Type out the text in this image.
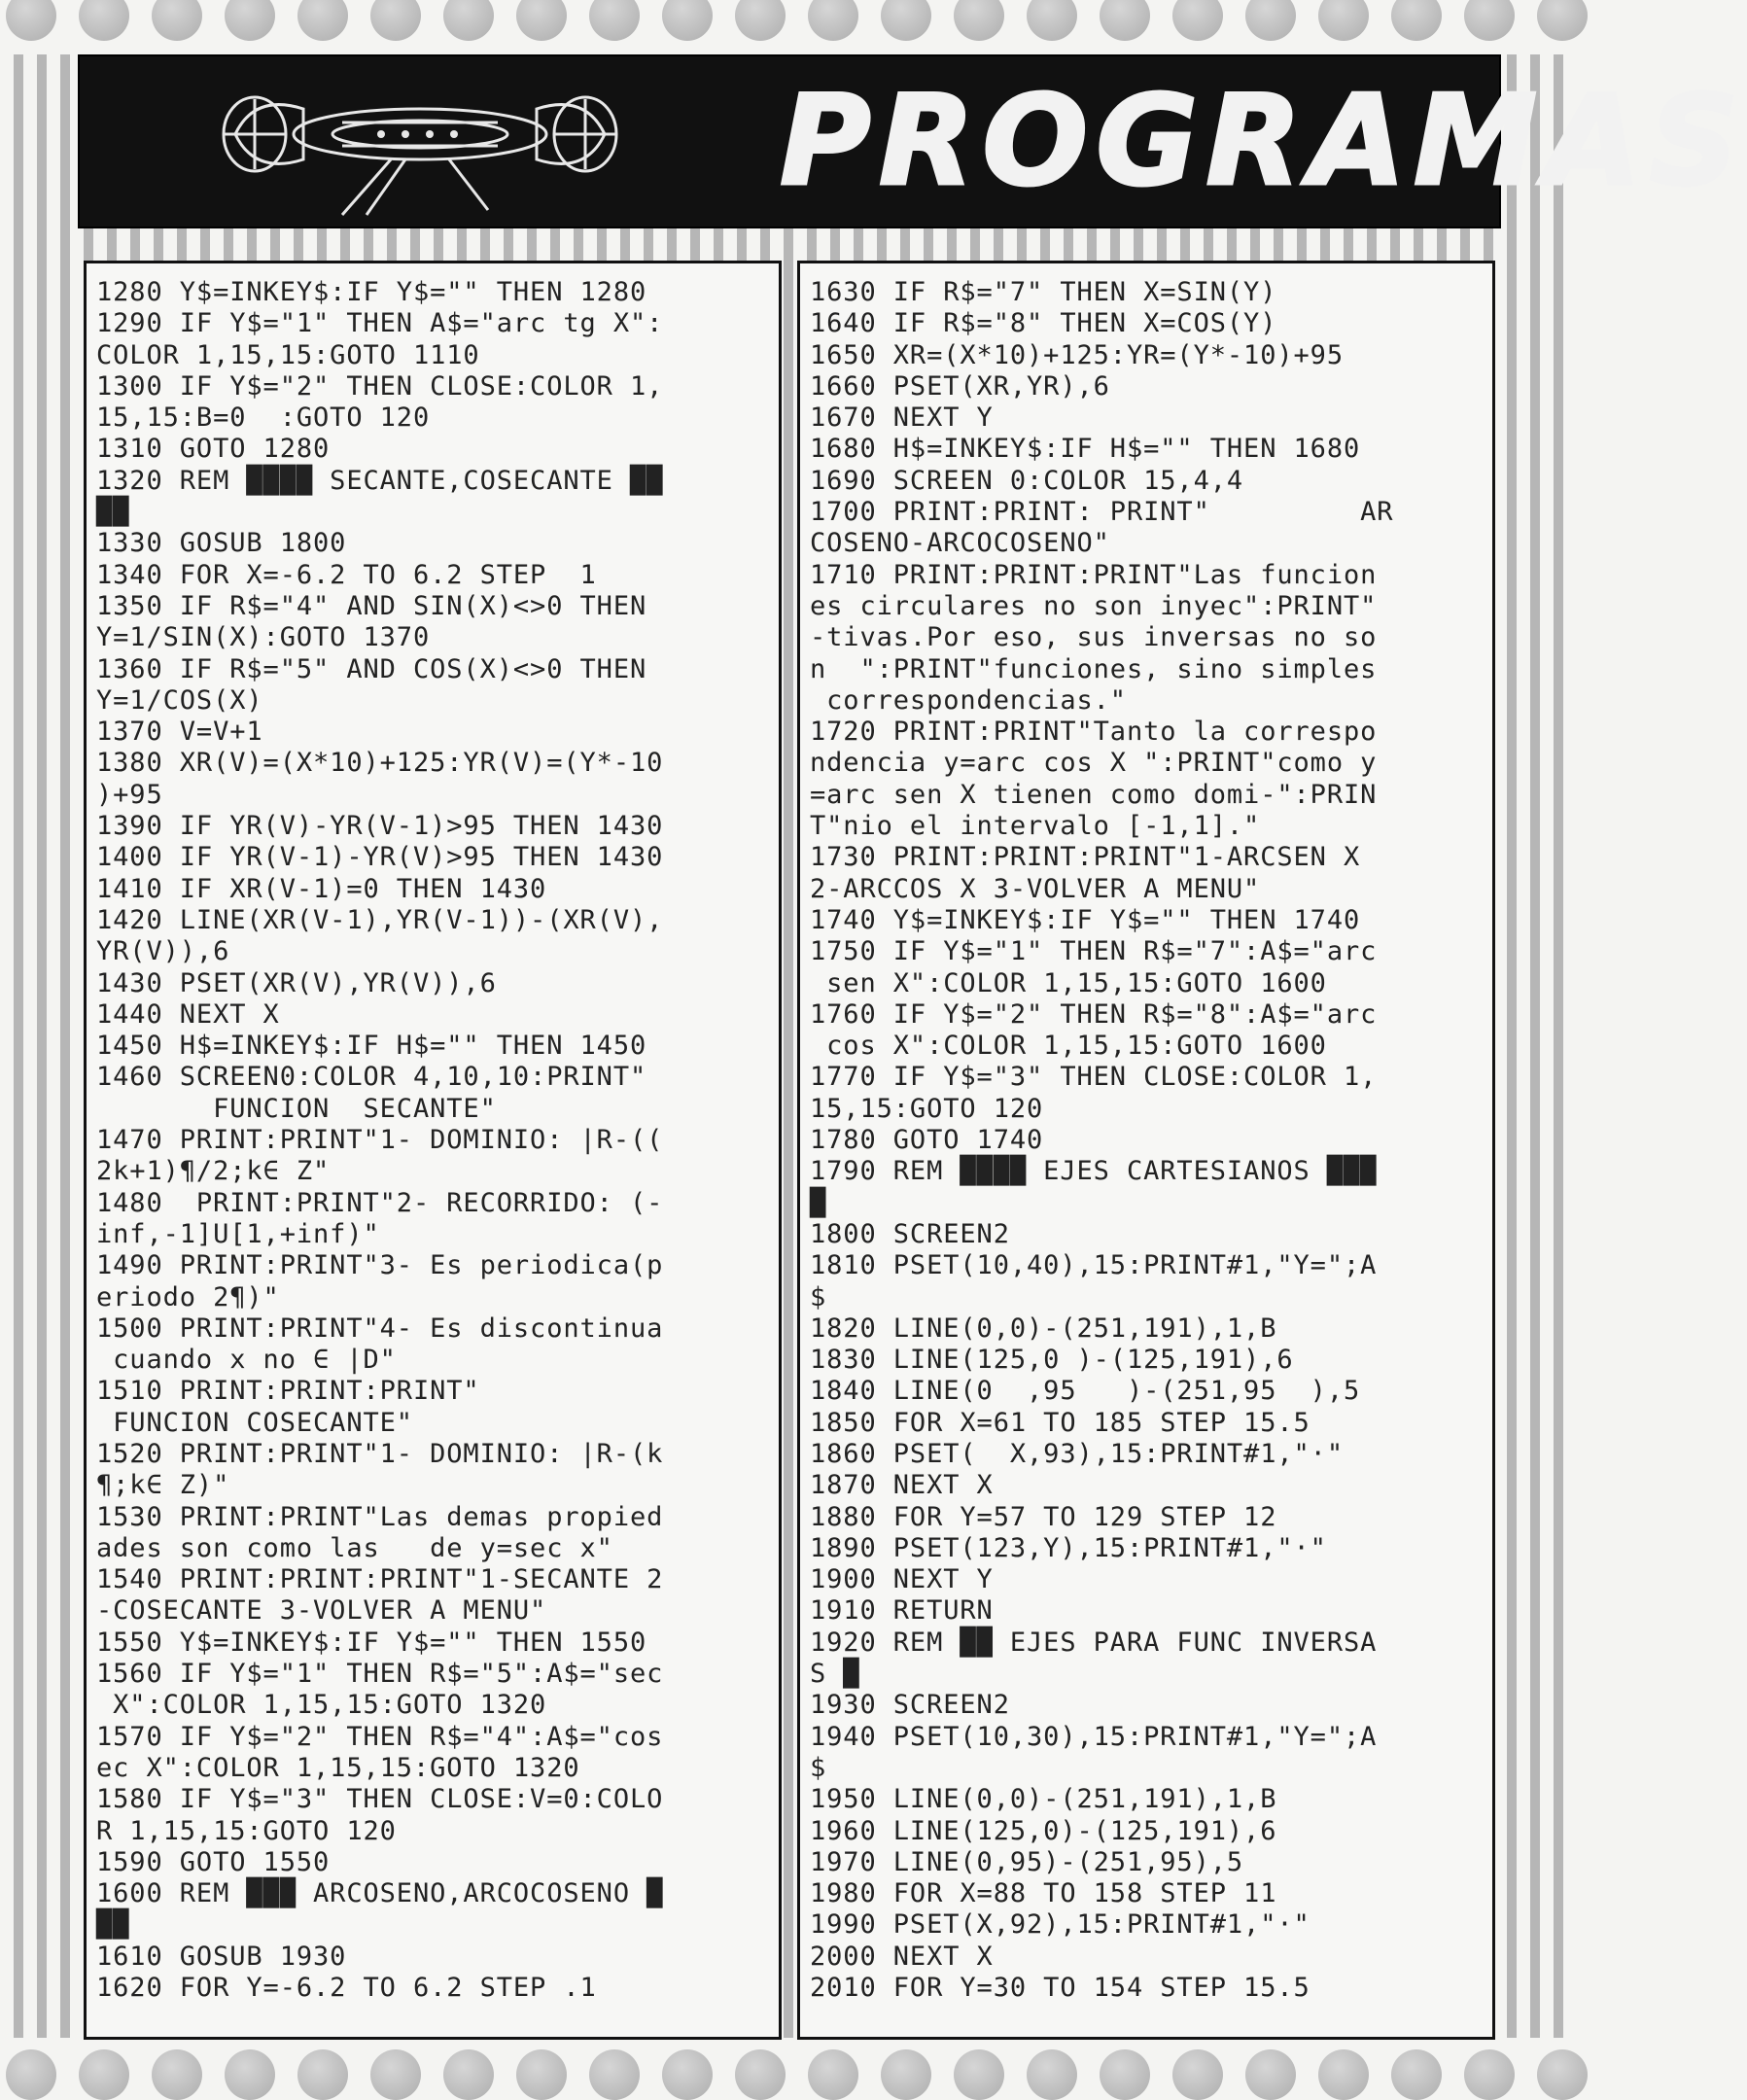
PROGRAMAS
1280 Y$=INKEY$:IF Y$="" THEN 1280
1290 IF Y$="1" THEN A$="arc tg X":
COLOR 1,15,15:GOTO 1110
1300 IF Y$="2" THEN CLOSE:COLOR 1,
15,15:B=0  :GOTO 120
1310 GOTO 1280
1320 REM ████ SECANTE,COSECANTE ██
██
1330 GOSUB 1800
1340 FOR X=-6.2 TO 6.2 STEP  1
1350 IF R$="4" AND SIN(X)<>0 THEN
Y=1/SIN(X):GOTO 1370
1360 IF R$="5" AND COS(X)<>0 THEN
Y=1/COS(X)
1370 V=V+1
1380 XR(V)=(X*10)+125:YR(V)=(Y*-10
)+95
1390 IF YR(V)-YR(V-1)>95 THEN 1430
1400 IF YR(V-1)-YR(V)>95 THEN 1430
1410 IF XR(V-1)=0 THEN 1430
1420 LINE(XR(V-1),YR(V-1))-(XR(V),
YR(V)),6
1430 PSET(XR(V),YR(V)),6
1440 NEXT X
1450 H$=INKEY$:IF H$="" THEN 1450
1460 SCREEN0:COLOR 4,10,10:PRINT"
FUNCION  SECANTE"
1470 PRINT:PRINT"1- DOMINIO: |R-((
2k+1)¶/2;k∈ Z"
1480  PRINT:PRINT"2- RECORRIDO: (-
inf,-1]U[1,+inf)"
1490 PRINT:PRINT"3- Es periodica(p
eriodo 2¶)"
1500 PRINT:PRINT"4- Es discontinua
cuando x no ∈ |D"
1510 PRINT:PRINT:PRINT"
FUNCION COSECANTE"
1520 PRINT:PRINT"1- DOMINIO: |R-(k
¶;k∈ Z)"
1530 PRINT:PRINT"Las demas propied
ades son como las   de y=sec x"
1540 PRINT:PRINT:PRINT"1-SECANTE 2
-COSECANTE 3-VOLVER A MENU"
1550 Y$=INKEY$:IF Y$="" THEN 1550
1560 IF Y$="1" THEN R$="5":A$="sec
X":COLOR 1,15,15:GOTO 1320
1570 IF Y$="2" THEN R$="4":A$="cos
ec X":COLOR 1,15,15:GOTO 1320
1580 IF Y$="3" THEN CLOSE:V=0:COLO
R 1,15,15:GOTO 120
1590 GOTO 1550
1600 REM ███ ARCOSENO,ARCOCOSENO █
██
1610 GOSUB 1930
1620 FOR Y=-6.2 TO 6.2 STEP .1
1630 IF R$="7" THEN X=SIN(Y)
1640 IF R$="8" THEN X=COS(Y)
1650 XR=(X*10)+125:YR=(Y*-10)+95
1660 PSET(XR,YR),6
1670 NEXT Y
1680 H$=INKEY$:IF H$="" THEN 1680
1690 SCREEN 0:COLOR 15,4,4
1700 PRINT:PRINT: PRINT"         AR
COSENO-ARCOCOSENO"
1710 PRINT:PRINT:PRINT"Las funcion
es circulares no son inyec":PRINT"
-tivas.Por eso, sus inversas no so
n  ":PRINT"funciones, sino simples
correspondencias."
1720 PRINT:PRINT"Tanto la correspo
ndencia y=arc cos X ":PRINT"como y
=arc sen X tienen como domi-":PRIN
T"nio el intervalo [-1,1]."
1730 PRINT:PRINT:PRINT"1-ARCSEN X
2-ARCCOS X 3-VOLVER A MENU"
1740 Y$=INKEY$:IF Y$="" THEN 1740
1750 IF Y$="1" THEN R$="7":A$="arc
sen X":COLOR 1,15,15:GOTO 1600
1760 IF Y$="2" THEN R$="8":A$="arc
cos X":COLOR 1,15,15:GOTO 1600
1770 IF Y$="3" THEN CLOSE:COLOR 1,
15,15:GOTO 120
1780 GOTO 1740
1790 REM ████ EJES CARTESIANOS ███
█
1800 SCREEN2
1810 PSET(10,40),15:PRINT#1,"Y=";A
$
1820 LINE(0,0)-(251,191),1,B
1830 LINE(125,0 )-(125,191),6
1840 LINE(0  ,95   )-(251,95  ),5
1850 FOR X=61 TO 185 STEP 15.5
1860 PSET(  X,93),15:PRINT#1,"·"
1870 NEXT X
1880 FOR Y=57 TO 129 STEP 12
1890 PSET(123,Y),15:PRINT#1,"·"
1900 NEXT Y
1910 RETURN
1920 REM ██ EJES PARA FUNC INVERSA
S █
1930 SCREEN2
1940 PSET(10,30),15:PRINT#1,"Y=";A
$
1950 LINE(0,0)-(251,191),1,B
1960 LINE(125,0)-(125,191),6
1970 LINE(0,95)-(251,95),5
1980 FOR X=88 TO 158 STEP 11
1990 PSET(X,92),15:PRINT#1,"·"
2000 NEXT X
2010 FOR Y=30 TO 154 STEP 15.5
